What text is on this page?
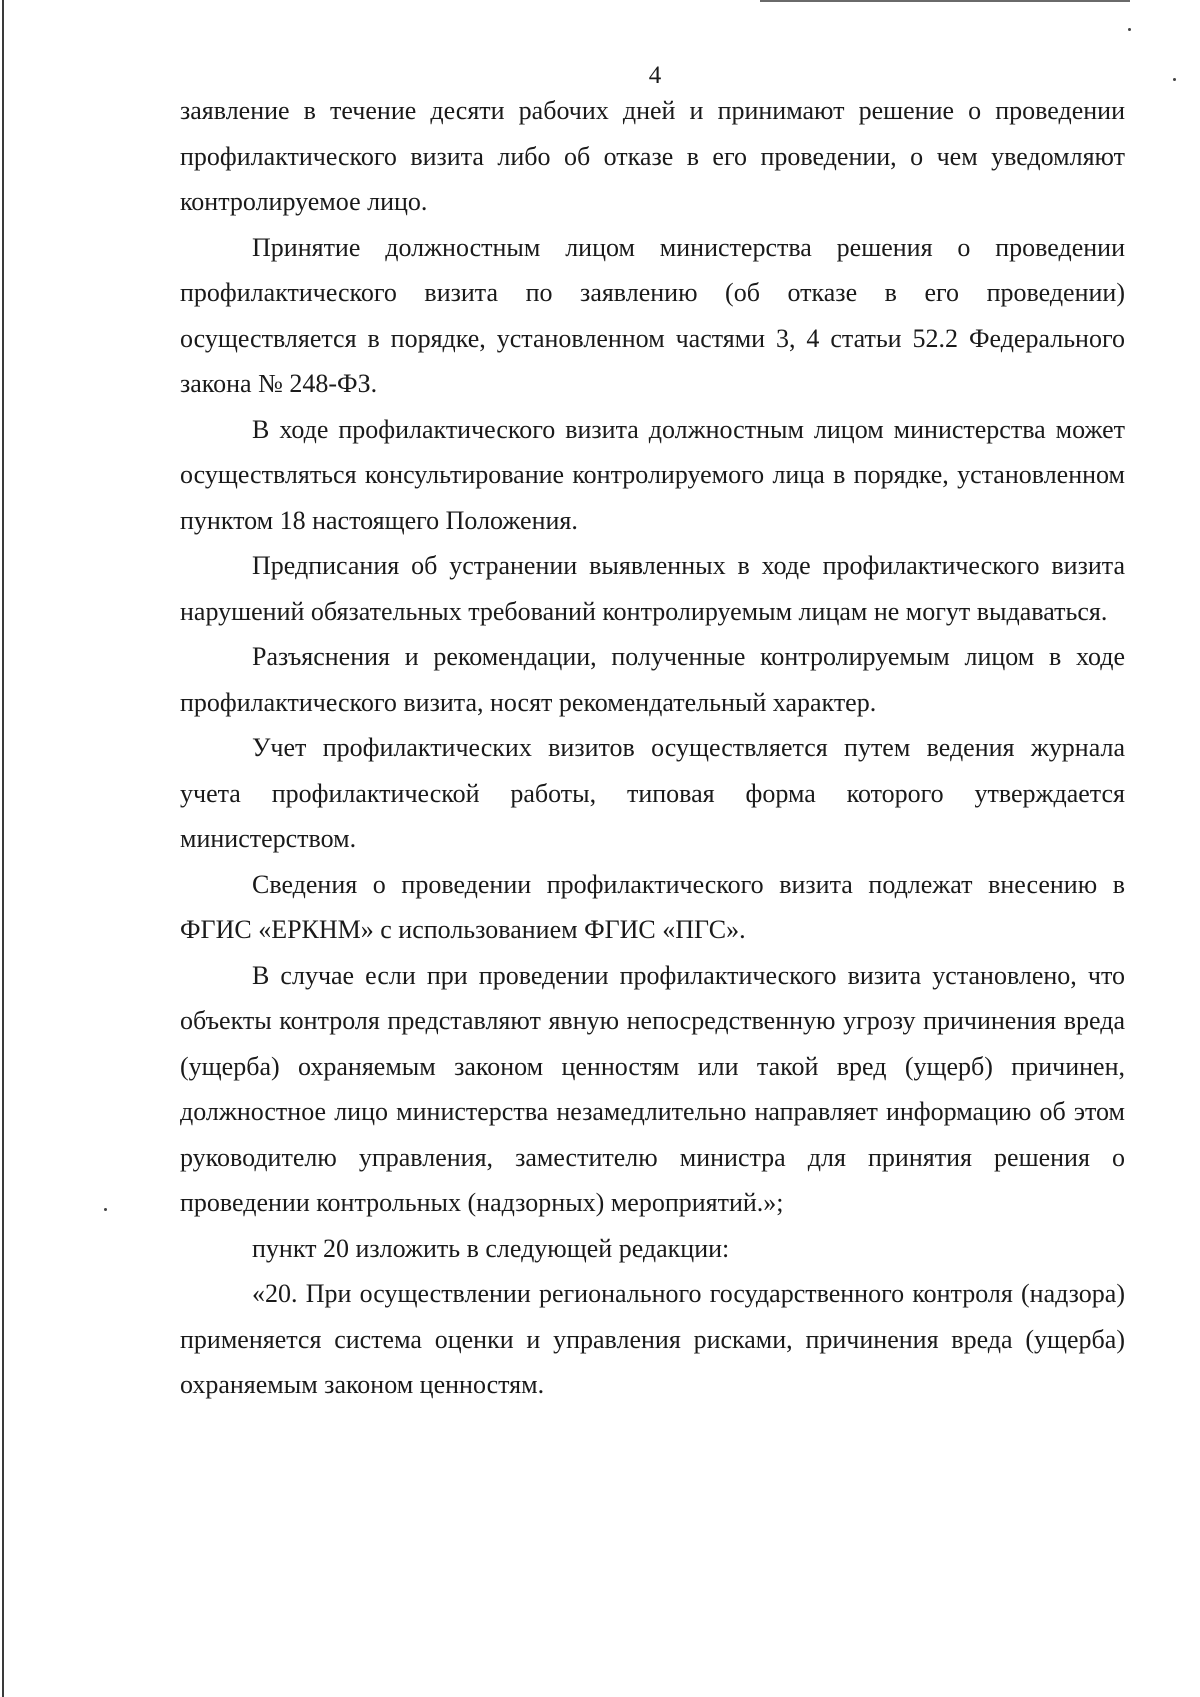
4

заявление в течение десяти рабочих дней и принимают решение о проведении профилактического визита либо об отказе в его проведении, о чем уведомляют контролируемое лицо.

Принятие должностным лицом министерства решения о проведении профилактического визита по заявлению (об отказе в его проведении) осуществляется в порядке, установленном частями 3, 4 статьи 52.2 Федерального закона № 248-ФЗ.

В ходе профилактического визита должностным лицом министерства может осуществляться консультирование контролируемого лица в порядке, установленном пунктом 18 настоящего Положения.

Предписания об устранении выявленных в ходе профилактического визита нарушений обязательных требований контролируемым лицам не могут выдаваться.

Разъяснения и рекомендации, полученные контролируемым лицом в ходе профилактического визита, носят рекомендательный характер.

Учет профилактических визитов осуществляется путем ведения журнала учета профилактической работы, типовая форма которого утверждается министерством.

Сведения о проведении профилактического визита подлежат внесению в ФГИС «ЕРКНМ» с использованием ФГИС «ПГС».

В случае если при проведении профилактического визита установлено, что объекты контроля представляют явную непосредственную угрозу причинения вреда (ущерба) охраняемым законом ценностям или такой вред (ущерб) причинен, должностное лицо министерства незамедлительно направляет информацию об этом руководителю управления, заместителю министра для принятия решения о проведении контрольных (надзорных) мероприятий.»;

пункт 20 изложить в следующей редакции:

«20. При осуществлении регионального государственного контроля (надзора) применяется система оценки и управления рисками, причинения вреда (ущерба) охраняемым законом ценностям.
